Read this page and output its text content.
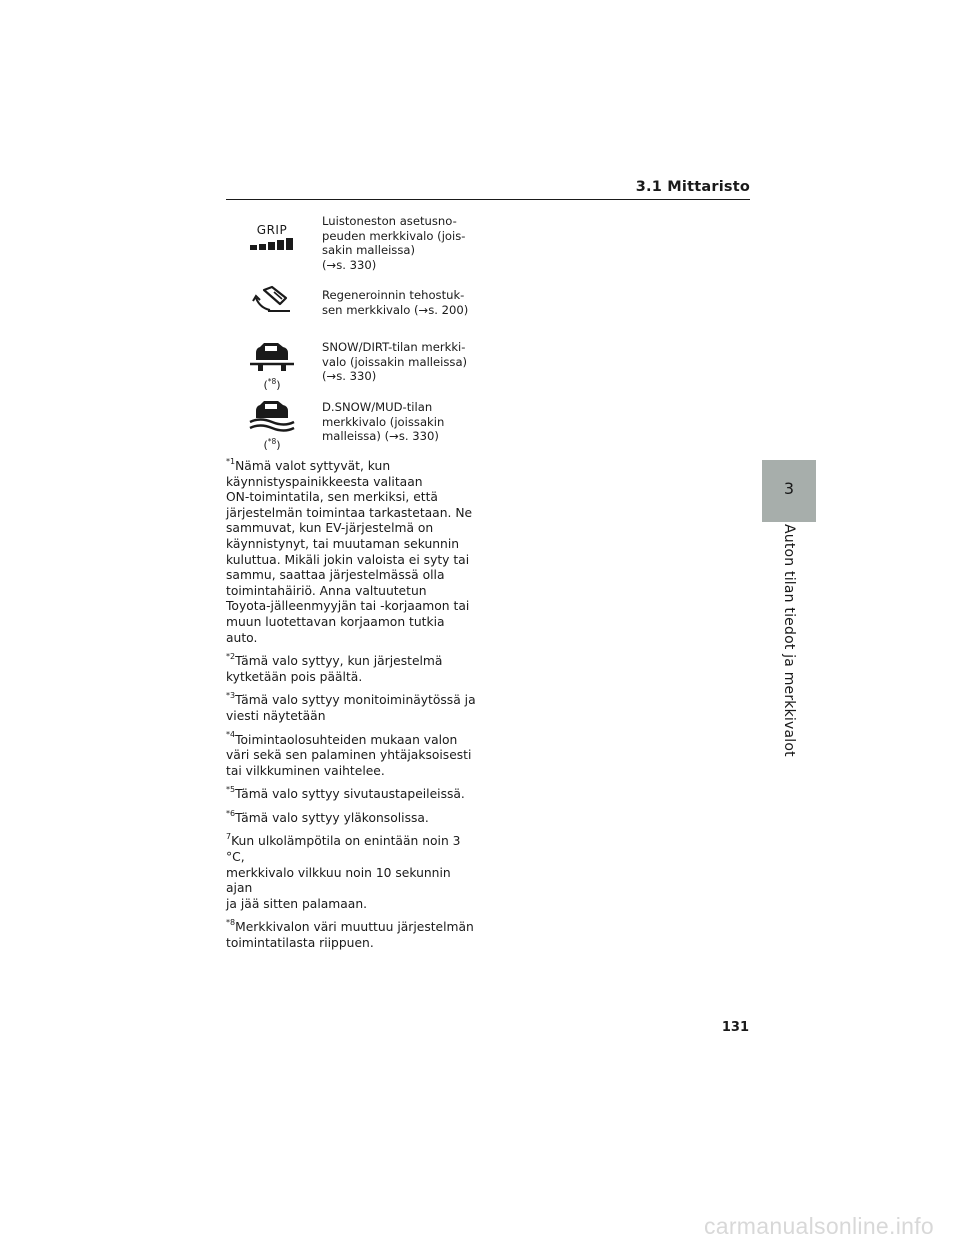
3.1 Mittaristo
GRIP
Luistoneston asetusno-
peuden merkkivalo (jois-
sakin malleissa)
(→s. 330)
Regeneroinnin tehostuk-
sen merkkivalo (→s. 200)
($^{*8}$)
SNOW/DIRT-tilan merkki-
valo (joissakin malleissa)
(→s. 330)
($^{*8}$)
D.SNOW/MUD-tilan
merkkivalo (joissakin
malleissa) (→s. 330)
$^{*1}$Nämä valot syttyvät, kun
käynnistyspainikkeesta valitaan
ON-toimintatila, sen merkiksi, että
järjestelmän toimintaa tarkastetaan. Ne
sammuvat, kun EV-järjestelmä on
käynnistynyt, tai muutaman sekunnin
kuluttua. Mikäli jokin valoista ei syty tai
sammu, saattaa järjestelmässä olla
toimintahäiriö. Anna valtuutetun
Toyota-jälleenmyyjän tai -korjaamon tai
muun luotettavan korjaamon tutkia auto.
$^{*2}$Tämä valo syttyy, kun järjestelmä
kytketään pois päältä.
$^{*3}$Tämä valo syttyy monitoiminäytössä ja
viesti näytetään
$^{*4}$Toimintaolosuhteiden mukaan valon
väri sekä sen palaminen yhtäjaksoisesti
tai vilkkuminen vaihtelee.
$^{*5}$Tämä valo syttyy sivutaustapeileissä.
$^{*6}$Tämä valo syttyy yläkonsolissa.
$^7$Kun ulkolämpötila on enintään noin 3 °C,
merkkivalo vilkkuu noin 10 sekunnin ajan
ja jää sitten palamaan.
$^{*8}$Merkkivalon väri muuttuu järjestelmän
toimintatilasta riippuen.
3
Auton tilan tiedot ja merkkivalot
131
carmanualsonline.info
